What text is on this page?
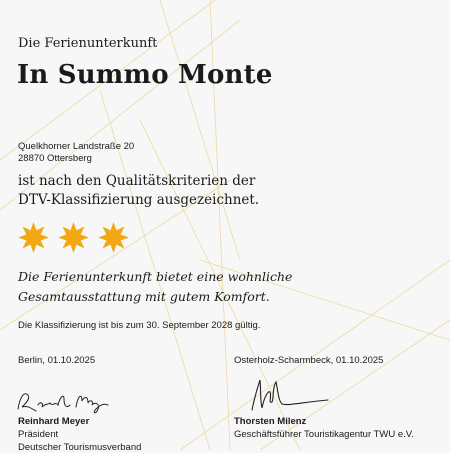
Die Ferienunterkunft
In Summo Monte
Quelkhorner Landstraße 20
28870 Ottersberg
ist nach den Qualitätskriterien der
DTV-Klassifizierung ausgezeichnet.
Die Ferienunterkunft bietet eine wohnliche
Gesamtausstattung mit gutem Komfort.
Die Klassifizierung ist bis zum 30. September 2028 gültig.
Berlin, 01.10.2025	Osterholz-Scharmbeck, 01.10.2025
Reinhard Meyer
Präsident
Deutscher Tourismusverband
Thorsten Milenz
Geschäftsführer Touristikagentur TWU e.V.
